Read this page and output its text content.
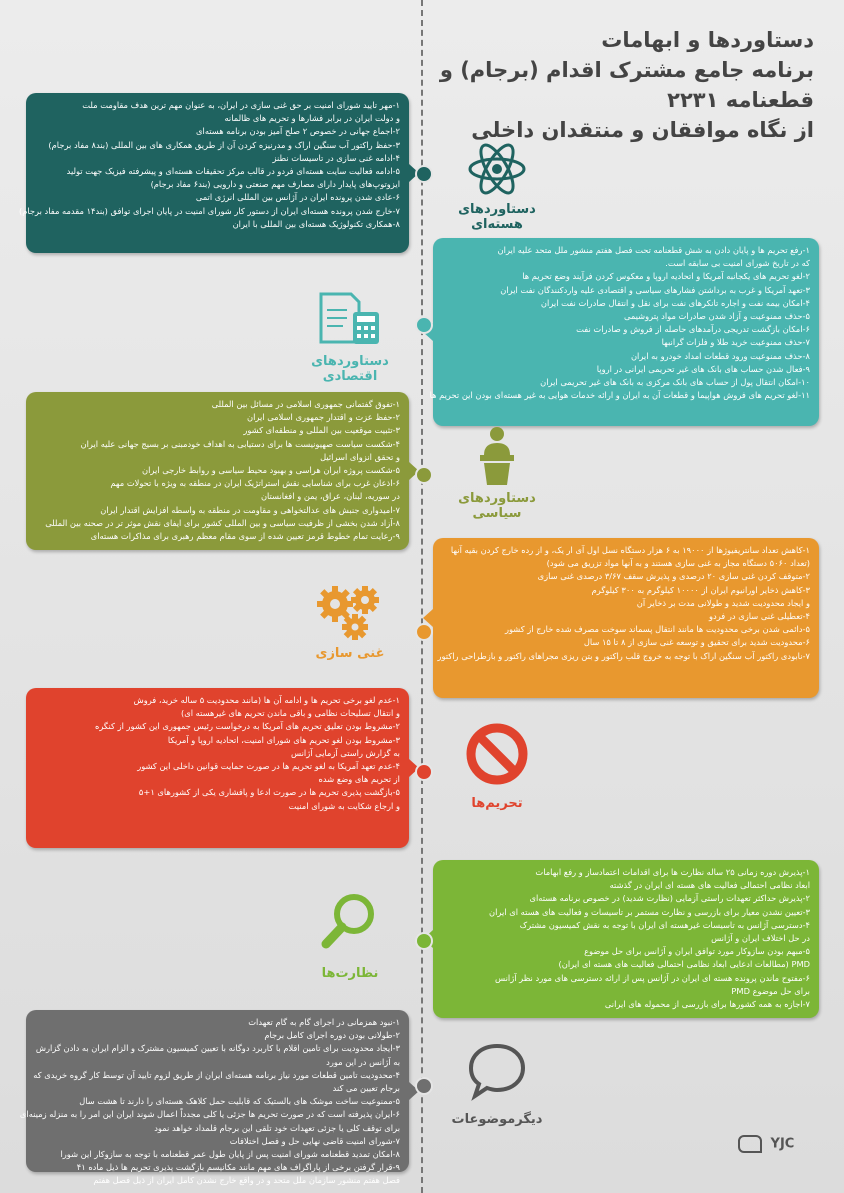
دستاوردها و ابهامات
برنامه جامع مشترک اقدام (برجام) و قطعنامه ۲۲۳۱
از نگاه موافقان و منتقدان داخلی
۱-مهر تایید شورای امنیت بر حق غنی سازی در ایران، به عنوان مهم ترین هدف مقاومت ملت
و دولت ایران در برابر فشارها و تحریم های ظالمانه
۲-اجماع جهانی در خصوص ۲ صلح آمیز بودن برنامه هسته‌ای
۳-حفظ راکتور آب سنگین اراک و مدرنیزه کردن آن از طریق همکاری های بین المللی (بند۸ مفاد برجام)
۴-ادامه غنی سازی در تاسیسات نطنز
۵-ادامه فعالیت سایت هسته‌ای فردو در قالب مرکز تحقیقات هسته‌ای و پیشرفته فیزیک جهت تولید
ایزوتوپ‌های پایدار دارای مصارف مهم صنعتی و دارویی (بند۶ مفاد برجام)
۶-عادی شدن پرونده ایران در آژانس بین المللی انرژی اتمی
۷-خارج شدن پرونده هسته‌ای ایران از دستور کار شورای امنیت در پایان اجرای توافق (بند۱۴ مقدمه مفاد برجام)
۸-همکاری تکنولوژیک هسته‌ای بین المللی با ایران
دستاوردهای هسته‌ای
۱-رفع تحریم ها و پایان دادن به شش قطعنامه تحت فصل هفتم منشور ملل متحد علیه ایران
که در تاریخ شورای امنیت بی سابقه است.
۲-لغو تحریم های یکجانبه آمریکا و اتحادیه اروپا و معکوس کردن فرآیند وضع تحریم ها
۳-تعهد آمریکا و غرب به برداشتن فشارهای سیاسی و اقتصادی علیه واردکنندگان نفت ایران
۴-امکان بیمه نفت و اجاره تانکرهای نفت برای نقل و انتقال صادرات نفت ایران
۵-حذف ممنوعیت و آزاد شدن صادرات مواد پتروشیمی
۶-امکان بازگشت تدریجی درآمدهای حاصله از فروش و صادرات نفت
۷-حذف ممنوعیت خرید طلا و فلزات گرانبها
۸-حذف ممنوعیت ورود قطعات امداد خودرو به ایران
۹-فعال شدن حساب های بانک های غیر تحریمی ایرانی در اروپا
۱۰-امکان انتقال پول از حساب های بانک مرکزی به بانک های غیر تحریمی ایران
۱۱-لغو تحریم های فروش هواپیما و قطعات آن به ایران و ارائه خدمات هوایی به غیر هسته‌ای بودن این تحریم ها
دستاوردهای اقتصادی
۱-تفوق گفتمانی جمهوری اسلامی در مسائل بین المللی
۲-حفظ عزت و اقتدار جمهوری اسلامی ایران
۳-تثبیت موقعیت بین المللی و منطقه‌ای کشور
۴-شکست سیاست صهیونیست ها برای دستیابی به اهداف خودمبنی بر بسیج جهانی علیه ایران
و تحقق انزوای اسرائیل
۵-شکست پروژه ایران هراسی و بهبود محیط سیاسی و روابط خارجی ایران
۶-اذعان غرب برای شناسایی نقش استراتژیک ایران در منطقه به ویژه با تحولات مهم
در سوریه، لبنان، عراق، یمن و افغانستان
۷-امیدواری جنبش های عدالتخواهی و مقاومت در منطقه به واسطه افزایش اقتدار ایران
۸-آزاد شدن بخشی از ظرفیت سیاسی و بین المللی کشور برای ایفای نقش موثر تر در صحنه بین المللی
۹-رعایت تمام خطوط قرمز تعیین شده از سوی مقام معظم رهبری برای مذاکرات هسته‌ای
دستاوردهای سیاسی
۱-کاهش تعداد سانتریفیوژها از ۱۹۰۰۰ به ۶ هزار دستگاه نسل اول آی ار یک، و از رده خارج کردن بقیه آنها
(تعداد ۵۰۶۰ دستگاه مجاز به غنی سازی هستند و به آنها مواد تزریق می شود)
۲-متوقف کردن غنی سازی ۲۰ درصدی و پذیرش سقف ۳/۶۷ درصدی غنی سازی
۳-کاهش ذخایر اورانیوم ایران از ۱۰۰۰۰ کیلوگرم به ۳۰۰ کیلوگرم
و ایجاد محدودیت شدید و طولانی مدت بر ذخایر آن
۴-تعطیلی غنی سازی در فردو
۵-دائمی شدن برخی محدودیت ها مانند انتقال پسماند سوخت مصرف شده خارج از کشور
۶-محدودیت شدید برای تحقیق و توسعه غنی سازی از ۸ تا ۱۵ سال
۷-نابودی راکتور آب سنگین اراک با توجه به خروج قلب راکتور و بتن ریزی مجراهای راکتور و بازطراحی راکتور
غنی سازی
۱-عدم لغو برخی تحریم ها و ادامه آن ها (مانند محدودیت ۵ ساله خرید، فروش
و انتقال تسلیحات نظامی و باقی ماندن تحریم های غیرهسته ای)
۲-مشروط بودن تعلیق تحریم های آمریکا به درخواست رئیس جمهوری این کشور از کنگره
۳-مشروط بودن لغو تحریم های شورای امنیت، اتحادیه اروپا و آمریکا
به گزارش راستی آزمایی آژانس
۴-عدم تعهد آمریکا به لغو تحریم ها در صورت حمایت قوانین داخلی این کشور
از تحریم های وضع شده
۵-بازگشت پذیری تحریم ها در صورت ادعا و پافشاری یکی از کشورهای ۱+۵
و ارجاع شکایت به شورای امنیت	تحریم‌ها
۱-پذیرش دوره زمانی ۲۵ ساله نظارت ها برای اقدامات اعتمادساز و رفع ابهامات
ابعاد نظامی احتمالی فعالیت های هسته ای ایران در گذشته
۲-پذیرش حداکثر تعهدات راستی آزمایی (نظارت شدید) در خصوص برنامه هسته‌ای
۳-تعیین نشدن معیار برای بازرسی و نظارت مستمر بر تاسیسات و فعالیت های هسته ای ایران
۴-دسترسی آژانس به تاسیسات غیرهسته ای ایران با توجه به نقش کمیسیون مشترک
در حل اختلاف ایران و آژانس
۵-مبهم بودن سازوکار مورد توافق ایران و آژانس برای حل موضوع
PMD (مطالعات ادعایی ابعاد نظامی احتمالی فعالیت های هسته ای ایران)
۶-مفتوح ماندن پرونده هسته ای ایران در آژانس پس از ارائه دسترسی های مورد نظر آژانس
برای حل موضوع PMD
۷-اجازه به همه کشورها برای بازرسی از محموله های ایرانی
نظارت‌ها
۱-نبود همزمانی در اجرای گام به گام تعهدات
۲-طولانی بودن دوره اجرای کامل برجام
۳-ایجاد محدودیت برای تامین اقلام با کاربرد دوگانه با تعیین کمیسیون مشترک و الزام ایران به دادن گزارش
به آژانس در این مورد
۴-محدودیت تامین قطعات مورد نیاز برنامه هسته‌ای ایران از طریق لزوم تایید آن توسط کار گروه خریدی که
برجام تعیین می کند
۵-ممنوعیت ساخت موشک های بالستیک که قابلیت حمل کلاهک هسته‌ای را دارند تا هشت سال
۶-ایران پذیرفته است که در صورت تحریم ها جزئی یا کلی مجدداً اعمال شوند ایران این امر را به منزله زمینه‌ای
برای توقف کلی یا جزئی تعهدات خود تلقی این برجام قلمداد خواهد نمود
۷-شورای امنیت قاضی نهایی حل و فصل اختلافات
۸-امکان تمدید قطعنامه شورای امنیت پس از پایان طول عمر قطعنامه با توجه به سازوکار این شورا
۹-قرار گرفتن برخی از پاراگراف های مهم مانند مکانیسم بازگشت پذیری تحریم ها ذیل ماده ۴۱
فصل هفتم منشور سازمان ملل متحد و در واقع خارج نشدن کامل ایران از ذیل فصل هفتم
دیگرموضوعات
YJC
